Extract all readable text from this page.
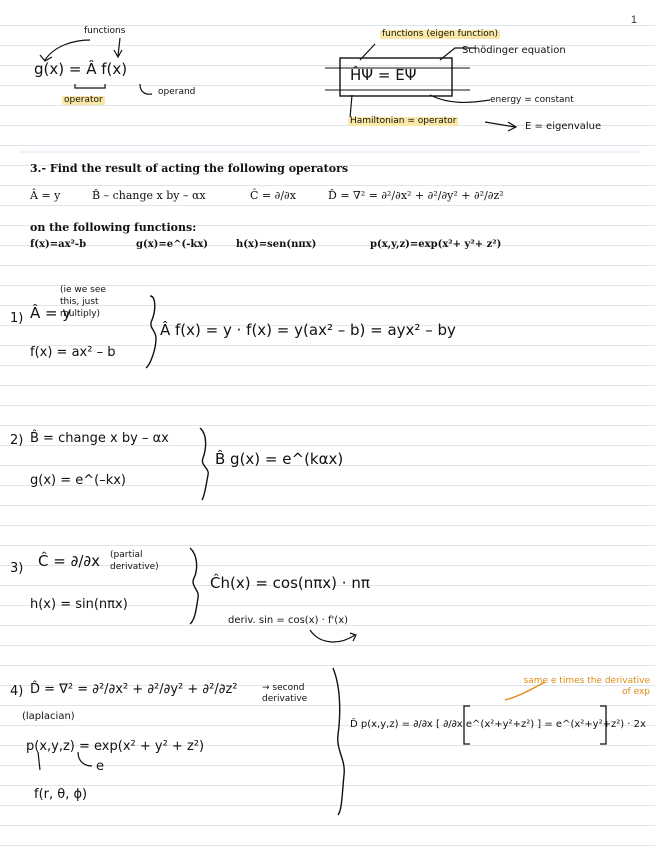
1
functions
g(x) = Â f(x)
operator
operand
functions (eigen function)
Schödinger equation
ĤΨ = EΨ
energy = constant
Hamiltonian = operator	E = eigenvalue
3.- Find the result of acting the following operators
Â = y	B̂ – change x by – αx	Ĉ = ∂/∂x	D̂ = ∇² = ∂²/∂x² + ∂²/∂y² + ∂²/∂z²
on the following functions:
f(x)=ax²-b	g(x)=e^(-kx)	h(x)=sen(nπx)	p(x,y,z)=exp(x²+ y²+ z²)
1) Â = y
(ie we see this, just multiply)
f(x) = ax² – b
Â f(x) = y · f(x) = y(ax² – b) = ayx² – by
2) B̂ = change x by – αx
g(x) = e^(–kx)
B̂ g(x) = e^(kαx)
3) Ĉ = ∂/∂x (partial derivative)
h(x) = sin(nπx)
Ĉh(x) = cos(nπx) · nπ
deriv. sin = cos(x) · f'(x)
4) D̂ = ∇² = ∂²/∂x² + ∂²/∂y² + ∂²/∂z²	→ second derivative
(laplacian)
p(x,y,z) = exp(x² + y² + z²)
e
f(r, θ, ϕ)
D̂ p(x,y,z) = ∂/∂x [ ∂/∂x e^(x²+y²+z²) ] = e^(x²+y²+z²) · 2x
same e times the derivative of exp
